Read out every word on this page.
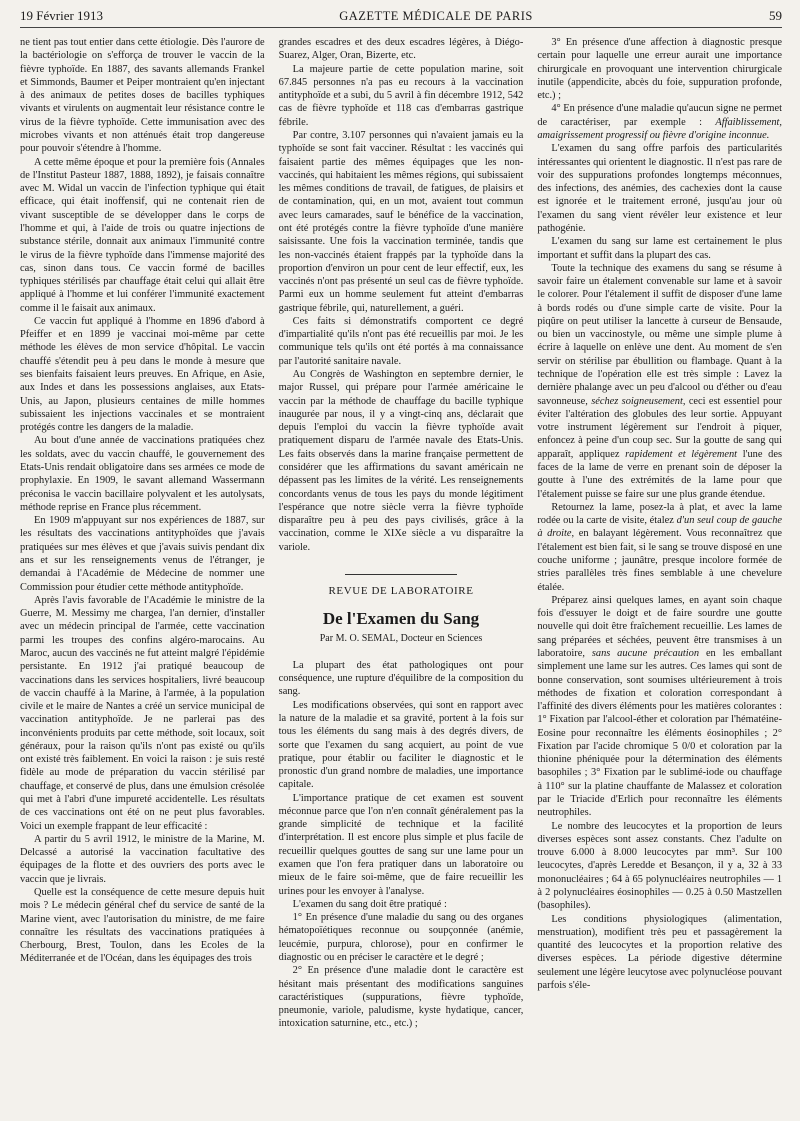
19 Février 1913	GAZETTE MÉDICALE DE PARIS	59

ne tient pas tout entier dans cette étiologie. Dès l'aurore de la bactériologie on s'efforça de trouver le vaccin de la fièvre typhoïde. En 1887, des savants allemands Frankel et Simmonds, Baumer et Peiper montraient qu'en injectant à des animaux de petites doses de bacilles typhiques vivants et virulents on augmentait leur résistance contre le virus de la fièvre typhoïde. Cette immunisation avec des microbes vivants et non atténués était trop dangereuse pour pouvoir s'étendre à l'homme.

A cette même époque et pour la première fois (Annales de l'Institut Pasteur 1887, 1888, 1892), je faisais connaître avec M. Widal un vaccin de l'infection typhique qui était efficace, qui était inoffensif, qui ne contenait rien de vivant susceptible de se développer dans le corps de l'homme et qui, à l'aide de trois ou quatre injections de substance stérile, donnait aux animaux l'immunité contre le virus de la fièvre typhoïde dans l'immense majorité des cas, sinon dans tous. Ce vaccin formé de bacilles typhiques stérilisés par chauffage était celui qui allait être appliqué à l'homme et lui conférer l'immunité exactement comme il le faisait aux animaux.

Ce vaccin fut appliqué à l'homme en 1896 d'abord à Pfeiffer et en 1899 je vaccinai moi-même par cette méthode les élèves de mon service d'hôpital. Le vaccin chauffé s'étendit peu à peu dans le monde à mesure que ses bienfaits faisaient leurs preuves. En Afrique, en Asie, aux Indes et dans les possessions anglaises, aux Etats-Unis, au Japon, plusieurs centaines de mille hommes subissaient les injections vaccinales et se montraient protégés contre les dangers de la maladie.

Au bout d'une année de vaccinations pratiquées chez les soldats, avec du vaccin chauffé, le gouvernement des Etats-Unis rendait obligatoire dans ses armées ce mode de prophylaxie. En 1909, le savant allemand Wassermann préconisa le vaccin bacillaire polyvalent et les autolysats, méthode reprise en France plus récemment.

En 1909 m'appuyant sur nos expériences de 1887, sur les résultats des vaccinations antityphoïdes que j'avais pratiquées sur mes élèves et que j'avais suivis pendant dix ans et sur les renseignements venus de l'étranger, je demandai à l'Académie de Médecine de nommer une Commission pour étudier cette méthode antityphoïde.

Après l'avis favorable de l'Académie le ministre de la Guerre, M. Messimy me chargea, l'an dernier, d'installer avec un médecin principal de l'armée, cette vaccination parmi les troupes des confins algéro-marocains. Au Maroc, aucun des vaccinés ne fut atteint malgré l'épidémie persistante. En 1912 j'ai pratiqué beaucoup de vaccinations dans les services hospitaliers, livré beaucoup de vaccin chauffé à la Marine, à l'armée, à la population civile et le maire de Nantes a créé un service municipal de vaccination antityphoïde. Je ne parlerai pas des inconvénients produits par cette méthode, soit locaux, soit généraux, pour la raison qu'ils n'ont pas existé ou qu'ils ont existé très faiblement. En voici la raison : je suis resté fidèle au mode de préparation du vaccin stérilisé par chauffage, et conservé de plus, dans une émulsion crésolée qui met à l'abri d'une impureté accidentelle. Les résultats de ces vaccinations ont été on ne peut plus favorables. Voici un exemple frappant de leur efficacité :

A partir du 5 avril 1912, le ministre de la Marine, M. Delcassé a autorisé la vaccination facultative des équipages de la flotte et des ouvriers des ports avec le vaccin que je livrais.

Quelle est la conséquence de cette mesure depuis huit mois ? Le médecin général chef du service de santé de la Marine vient, avec l'autorisation du ministre, de me faire connaître les résultats des vaccinations pratiquées à Cherbourg, Brest, Toulon, dans les Ecoles de la Méditerranée et de l'Océan, dans les équipages des trois

grandes escadres et des deux escadres légères, à Diégo-Suarez, Alger, Oran, Bizerte, etc.

La majeure partie de cette population marine, soit 67.845 personnes n'a pas eu recours à la vaccination antityphoïde et a subi, du 5 avril à fin décembre 1912, 542 cas de fièvre typhoïde et 118 cas d'embarras gastrique fébrile.

Par contre, 3.107 personnes qui n'avaient jamais eu la typhoïde se sont fait vacciner. Résultat : les vaccinés qui faisaient partie des mêmes équipages que les non-vaccinés, qui habitaient les mêmes régions, qui subissaient les mêmes conditions de travail, de fatigues, de plaisirs et de contamination, qui, en un mot, avaient tout commun avec leurs camarades, sauf le bénéfice de la vaccination, ont été protégés contre la fièvre typhoïde d'une manière saisissante. Une fois la vaccination terminée, tandis que les non-vaccinés étaient frappés par la typhoïde dans la proportion d'environ un pour cent de leur effectif, eux, les vaccinés n'ont pas présenté un seul cas de fièvre typhoïde. Parmi eux un homme seulement fut atteint d'embarras gastrique fébrile, qui, naturellement, a guéri.

Ces faits si démonstratifs comportent ce degré d'impartialité qu'ils n'ont pas été recueillis par moi. Je les communique tels qu'ils ont été portés à ma connaissance par l'autorité sanitaire navale.

Au Congrès de Washington en septembre dernier, le major Russel, qui prépare pour l'armée américaine le vaccin par la méthode de chauffage du bacille typhique inaugurée par nous, il y a vingt-cinq ans, déclarait que depuis l'emploi du vaccin la fièvre typhoïde avait pratiquement disparu de l'armée navale des Etats-Unis. Les faits observés dans la marine française permettent de considérer que les affirmations du savant américain ne dépassent pas les limites de la vérité. Les renseignements concordants venus de tous les pays du monde légitiment l'espérance que notre siècle verra la fièvre typhoïde disparaître peu à peu des pays civilisés, grâce à la vaccination, comme le XIXe siècle a vu disparaître la variole.

REVUE DE LABORATOIRE
De l'Examen du Sang
Par M. O. SEMAL, Docteur en Sciences

La plupart des état pathologiques ont pour conséquence, une rupture d'équilibre de la composition du sang.

Les modifications observées, qui sont en rapport avec la nature de la maladie et sa gravité, portent à la fois sur tous les éléments du sang mais à des degrés divers, de sorte que l'examen du sang acquiert, au point de vue pratique, pour établir ou faciliter le diagnostic et le pronostic d'un grand nombre de maladies, une importance capitale.

L'importance pratique de cet examen est souvent méconnue parce que l'on n'en connaît généralement pas la grande simplicité de technique et la facilité d'interprétation. Il est encore plus simple et plus facile de recueillir quelques gouttes de sang sur une lame pour un examen que l'on fera pratiquer dans un laboratoire ou mieux de le faire soi-même, que de faire recueillir les urines pour les envoyer à l'analyse.

L'examen du sang doit être pratiqué :

1° En présence d'une maladie du sang ou des organes hématopoïétiques reconnue ou soupçonnée (anémie, leucémie, purpura, chlorose), pour en confirmer le diagnostic ou en préciser le caractère et le degré ;

2° En présence d'une maladie dont le caractère est hésitant mais présentant des modifications sanguines caractéristiques (suppurations, fièvre typhoïde, pneumonie, variole, paludisme, kyste hydatique, cancer, intoxication saturnine, etc., etc.) ;

3° En présence d'une affection à diagnostic presque certain pour laquelle une erreur aurait une importance chirurgicale en provoquant une intervention chirurgicale inutile (appendicite, abcès du foie, suppuration profonde, etc.) ;

4° En présence d'une maladie qu'aucun signe ne permet de caractériser, par exemple : Affaiblissement, amaigrissement progressif ou fièvre d'origine inconnue.

L'examen du sang offre parfois des particularités intéressantes qui orientent le diagnostic. Il n'est pas rare de voir des suppurations profondes longtemps méconnues, des infections, des anémies, des cachexies dont la cause est ignorée et le traitement erroné, jusqu'au jour où l'examen du sang vient révéler leur existence et leur pathogénie.

L'examen du sang sur lame est certainement le plus important et suffit dans la plupart des cas.

Toute la technique des examens du sang se résume à savoir faire un étalement convenable sur lame et à savoir le colorer. Pour l'étalement il suffit de disposer d'une lame à bords rodés ou d'une simple carte de visite. Pour la piqûre on peut utiliser la lancette à curseur de Bensaude, ou bien un vaccinostyle, ou même une simple plume à écrire à laquelle on enlève une dent. Au moment de s'en servir on stérilise par ébullition ou flambage. Quant à la technique de l'opération elle est très simple : Lavez la dernière phalange avec un peu d'alcool ou d'éther ou d'eau savonneuse, séchez soigneusement, ceci est essentiel pour éviter l'altération des globules des leur sortie. Appuyant votre instrument légèrement sur l'endroit à piquer, enfoncez à peine d'un coup sec. Sur la goutte de sang qui apparaît, appliquez rapidement et légèrement l'une des faces de la lame de verre en prenant soin de déposer la goutte à l'une des extrémités de la lame pour que l'étalement puisse se faire sur une plus grande étendue.

Retournez la lame, posez-la à plat, et avec la lame rodée ou la carte de visite, étalez d'un seul coup de gauche à droite, en balayant légèrement. Vous reconnaîtrez que l'étalement est bien fait, si le sang se trouve disposé en une couche uniforme ; jaunâtre, presque incolore formée de stries parallèles très fines semblable à une chevelure étalée.

Préparez ainsi quelques lames, en ayant soin chaque fois d'essuyer le doigt et de faire sourdre une goutte nouvelle qui doit être fraîchement recueillie. Les lames de sang préparées et séchées, peuvent être transmises à un laboratoire, sans aucune précaution en les emballant simplement une lame sur les autres. Ces lames qui sont de bonne conservation, sont soumises ultérieurement à trois méthodes de fixation et coloration correspondant à l'affinité des divers éléments pour les matières colorantes : 1° Fixation par l'alcool-éther et coloration par l'hématéine-Eosine pour reconnaître les éléments éosinophiles ; 2° Fixation par l'acide chromique 5 0/0 et coloration par la thionine phéniquée pour la détermination des éléments basophiles ; 3° Fixation par le sublimé-iode ou chauffage à 110° sur la platine chauffante de Malassez et coloration par le Triacide d'Erlich pour reconnaître les éléments neutrophiles.

Le nombre des leucocytes et la proportion de leurs diverses espèces sont assez constants. Chez l'adulte on trouve 6.000 à 8.000 leucocytes par mm³. Sur 100 leucocytes, d'après Leredde et Besançon, il y a, 32 à 33 mononucléaires ; 64 à 65 polynucléaires neutrophiles — 1 à 2 polynucléaires éosinophiles — 0.25 à 0.50 Mastzellen (basophiles).

Les conditions physiologiques (alimentation, menstruation), modifient très peu et passagèrement la quantité des leucocytes et la proportion relative des diverses espèces. La période digestive détermine seulement une légère leucytose avec polynucléose pouvant parfois s'éle-
